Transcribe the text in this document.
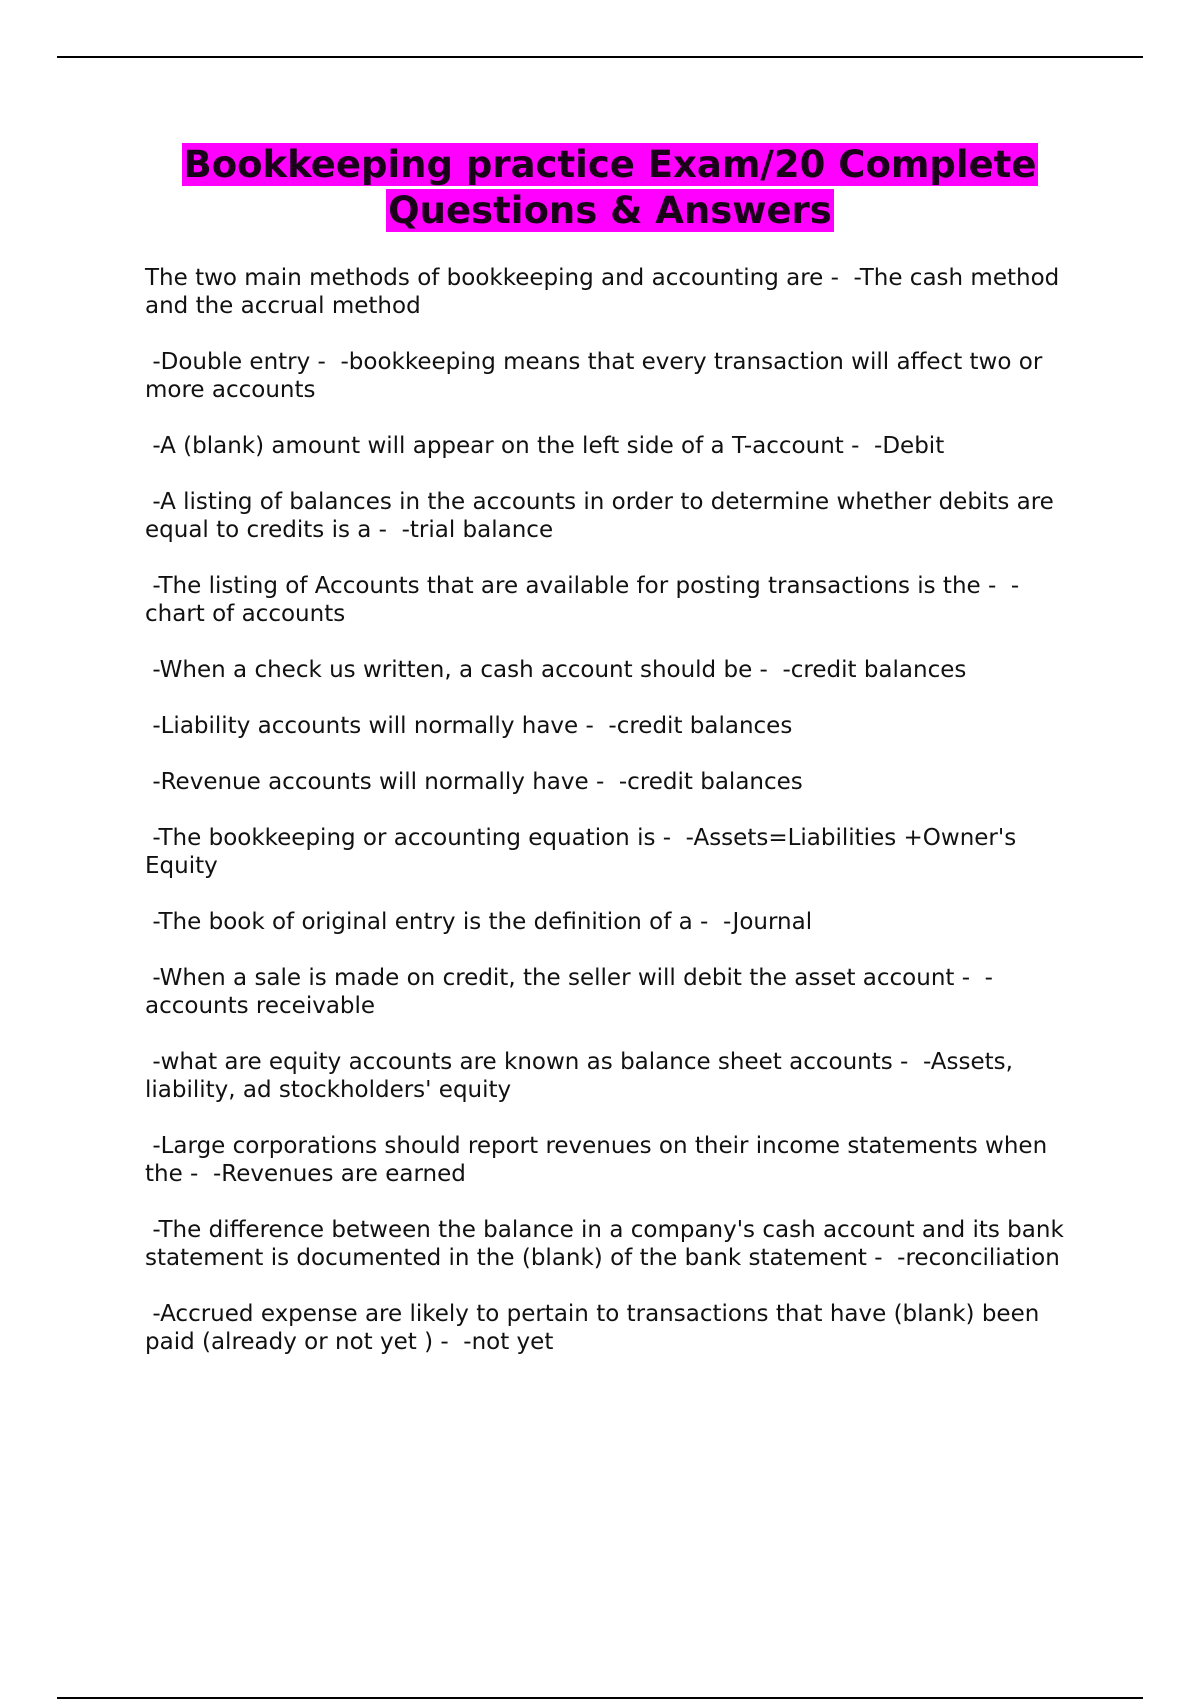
Bookkeeping practice Exam/20 Complete
Questions & Answers

The two main methods of bookkeeping and accounting are -  -The cash method and the accrual method

-Double entry -  -bookkeeping means that every transaction will affect two or more accounts

-A (blank) amount will appear on the left side of a T-account -  -Debit

-A listing of balances in the accounts in order to determine whether debits are equal to credits is a -  -trial balance

-The listing of Accounts that are available for posting transactions is the -  -chart of accounts

-When a check us written, a cash account should be -  -credit balances

-Liability accounts will normally have -  -credit balances

-Revenue accounts will normally have -  -credit balances

-The bookkeeping or accounting equation is -  -Assets=Liabilities +Owner's Equity

-The book of original entry is the definition of a -  -Journal

-When a sale is made on credit, the seller will debit the asset account -  -accounts receivable

-what are equity accounts are known as balance sheet accounts -  -Assets, liability, ad stockholders' equity

-Large corporations should report revenues on their income statements when the -  -Revenues are earned

-The difference between the balance in a company's cash account and its bank statement is documented in the (blank) of the bank statement -  -reconciliation

-Accrued expense are likely to pertain to transactions that have (blank) been paid (already or not yet ) -  -not yet
